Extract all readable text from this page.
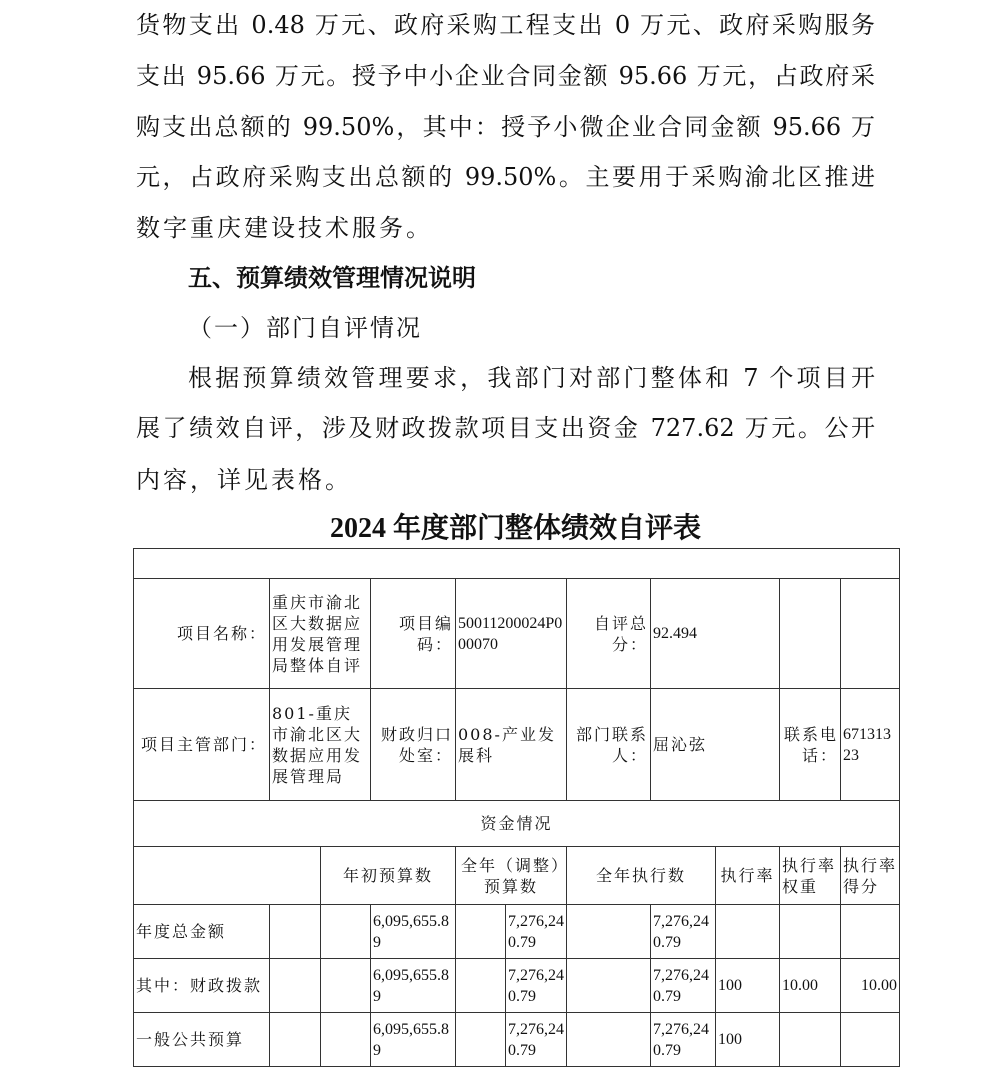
货物支出 0.48 万元、政府采购工程支出 0 万元、政府采购服务
支出 95.66 万元。授予中小企业合同金额 95.66 万元，占政府采
购支出总额的 99.50%，其中：授予小微企业合同金额 95.66 万
元，占政府采购支出总额的 99.50%。主要用于采购渝北区推进
数字重庆建设技术服务。
五、预算绩效管理情况说明
（一）部门自评情况
根据预算绩效管理要求，我部门对部门整体和 7 个项目开
展了绩效自评，涉及财政拨款项目支出资金 727.62 万元。公开
内容，详见表格。
2024 年度部门整体绩效自评表

项目名称：	重庆市渝北区大数据应用发展管理局整体自评		项目编码：	50011200024P000070		自评总分：	92.494			
项目主管部门：	801-重庆市渝北区大数据应用发展管理局		财政归口处室：	008-产业发展科		部门联系人：	屈沁弦		联系电话：	67131323
资金情况										
		年初预算数		全年（调整）预算数		全年执行数		执行率	执行率权重	执行率得分
年度总金额			6,095,655.89		7,276,240.79		7,276,240.79			
其中：财政拨款			6,095,655.89		7,276,240.79		7,276,240.79	100	10.00	10.00
一般公共预算			6,095,655.89		7,276,240.79		7,276,240.79	100		
